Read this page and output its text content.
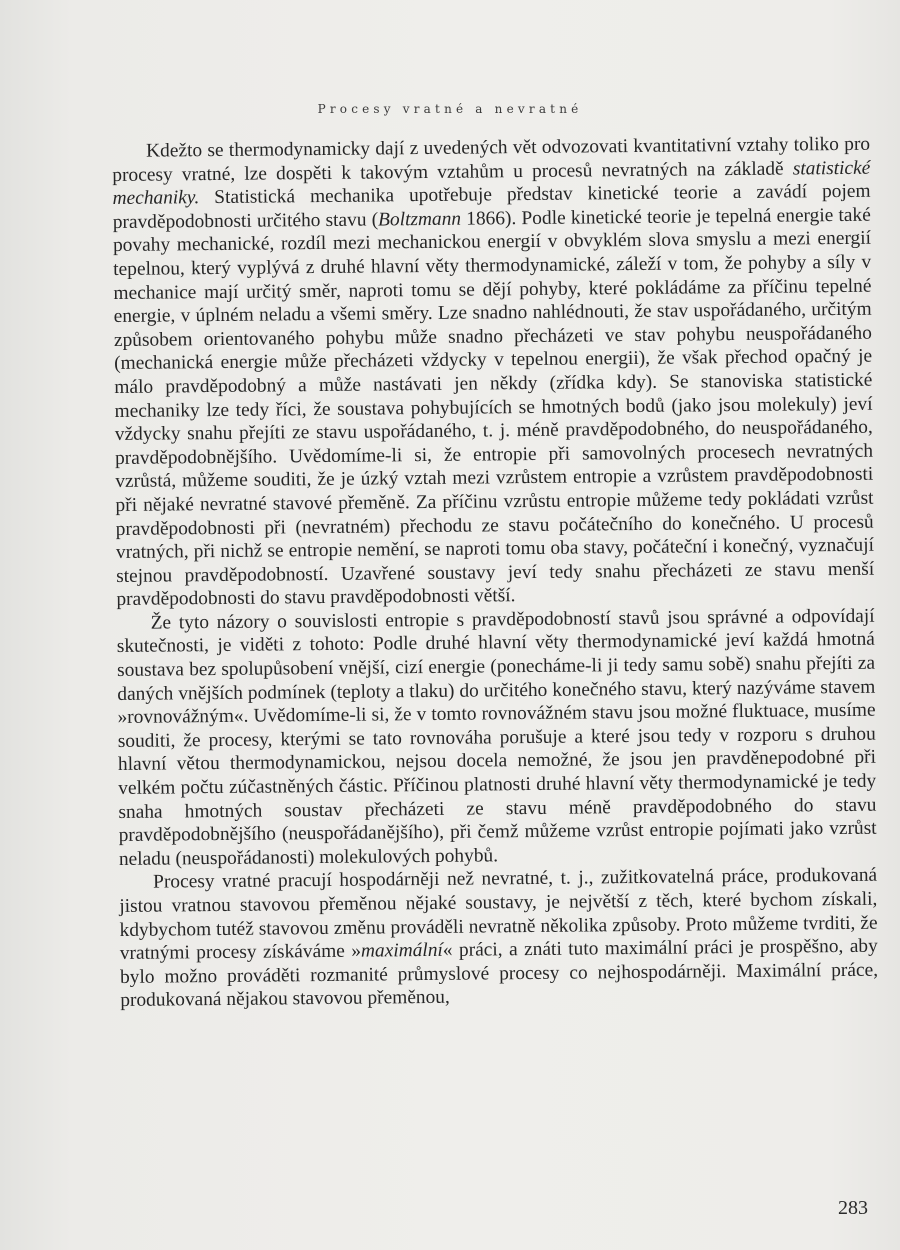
Procesy vratné a nevratné

Kdežto se thermodynamicky dají z uvedených vět odvozovati kvantitativní vztahy toliko pro procesy vratné, lze dospěti k takovým vztahům u procesů nevratných na základě statistické mechaniky. Statistická mechanika upotřebuje představ kinetické teorie a zavádí pojem pravděpodobnosti určitého stavu (Boltzmann 1866). Podle kinetické teorie je tepelná energie také povahy mechanické, rozdíl mezi mechanickou energií v obvyklém slova smyslu a mezi energií tepelnou, který vyplývá z druhé hlavní věty thermodynamické, záleží v tom, že pohyby a síly v mechanice mají určitý směr, naproti tomu se dějí pohyby, které pokládáme za příčinu tepelné energie, v úplném neladu a všemi směry. Lze snadno nahlédnouti, že stav uspořádaného, určitým způsobem orientovaného pohybu může snadno přecházeti ve stav pohybu neuspořádaného (mechanická energie může přecházeti vždycky v tepelnou energii), že však přechod opačný je málo pravděpodobný a může nastávati jen někdy (zřídka kdy). Se stanoviska statistické mechaniky lze tedy říci, že soustava pohybujících se hmotných bodů (jako jsou molekuly) jeví vždycky snahu přejíti ze stavu uspořádaného, t. j. méně pravděpodobného, do neuspořádaného, pravděpodobnějšího. Uvědomíme-li si, že entropie při samovolných procesech nevratných vzrůstá, můžeme souditi, že je úzký vztah mezi vzrůstem entropie a vzrůstem pravděpodobnosti při nějaké nevratné stavové přeměně. Za příčinu vzrůstu entropie můžeme tedy pokládati vzrůst pravděpodobnosti při (nevratném) přechodu ze stavu počátečního do konečného. U procesů vratných, při nichž se entropie nemění, se naproti tomu oba stavy, počáteční i konečný, vyznačují stejnou pravděpodobností. Uzavřené soustavy jeví tedy snahu přecházeti ze stavu menší pravděpodobnosti do stavu pravděpodobnosti větší.

Že tyto názory o souvislosti entropie s pravděpodobností stavů jsou správné a odpovídají skutečnosti, je viděti z tohoto: Podle druhé hlavní věty thermodynamické jeví každá hmotná soustava bez spolupůsobení vnější, cizí energie (ponecháme-li ji tedy samu sobě) snahu přejíti za daných vnějších podmínek (teploty a tlaku) do určitého konečného stavu, který nazýváme stavem »rovnovážným«. Uvědomíme-li si, že v tomto rovnovážném stavu jsou možné fluktuace, musíme souditi, že procesy, kterými se tato rovnováha porušuje a které jsou tedy v rozporu s druhou hlavní větou thermodynamickou, nejsou docela nemožné, že jsou jen pravděnepodobné při velkém počtu zúčastněných částic. Příčinou platnosti druhé hlavní věty thermodynamické je tedy snaha hmotných soustav přecházeti ze stavu méně pravděpodobného do stavu pravděpodobnějšího (neuspořádanějšího), při čemž můžeme vzrůst entropie pojímati jako vzrůst neladu (neuspořádanosti) molekulových pohybů.

Procesy vratné pracují hospodárněji než nevratné, t. j., zužitkovatelná práce, produkovaná jistou vratnou stavovou přeměnou nějaké soustavy, je největší z těch, které bychom získali, kdybychom tutéž stavovou změnu prováděli nevratně několika způsoby. Proto můžeme tvrditi, že vratnými procesy získáváme »maximální« práci, a znáti tuto maximální práci je prospěšno, aby bylo možno prováděti rozmanité průmyslové procesy co nejhospodárněji. Maximální práce, produkovaná nějakou stavovou přeměnou,

283
